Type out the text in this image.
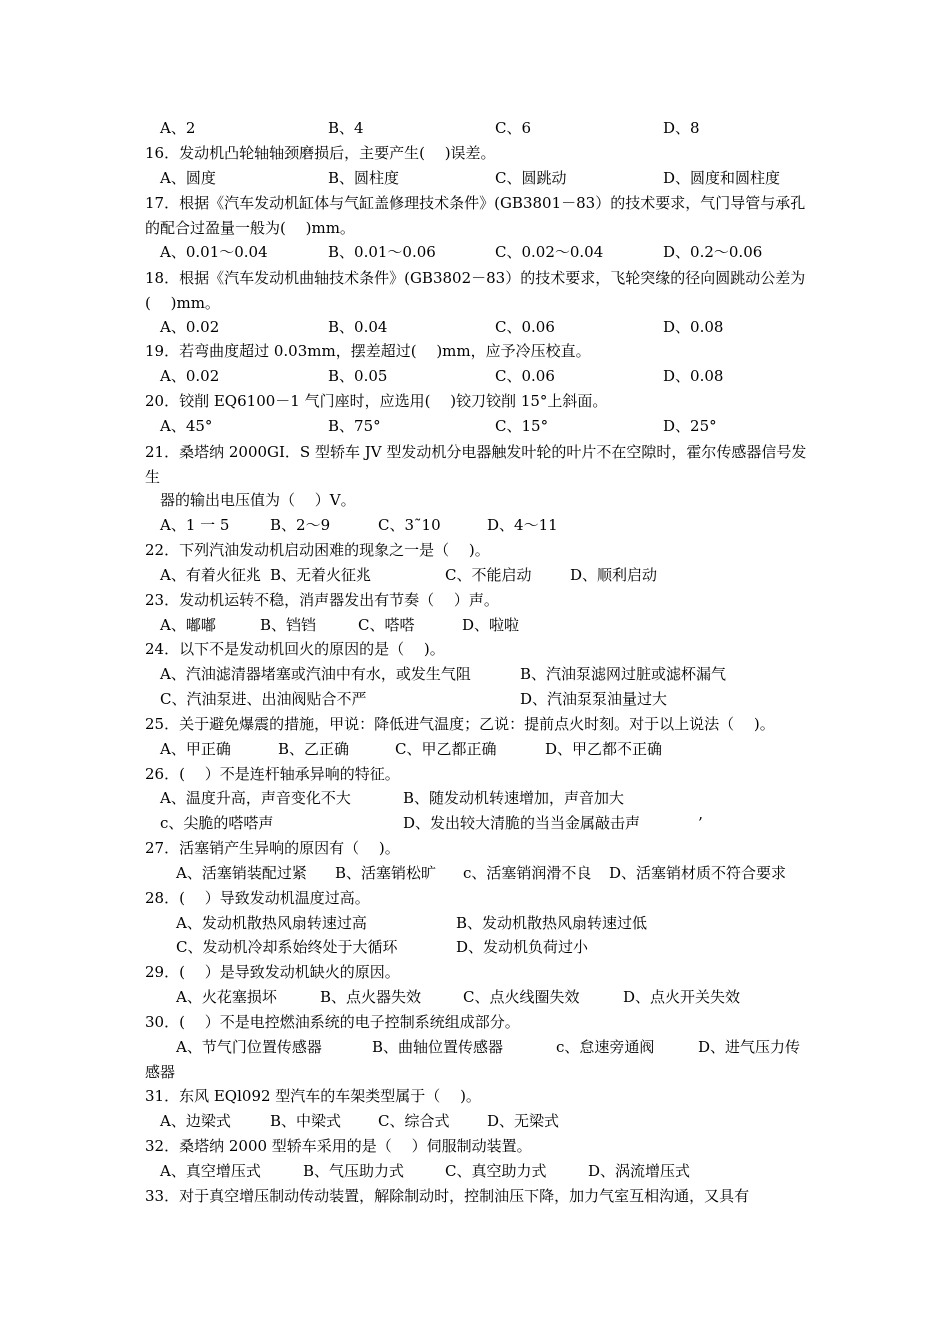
A、2	B、4	C、6	D、8
16．发动机凸轮轴轴颈磨损后，主要产生(　 )误差。
A、圆度	B、圆柱度	C、圆跳动	D、圆度和圆柱度
17．根据《汽车发动机缸体与气缸盖修理技术条件》(GB3801－83）的技术要求，气门导管与承孔的配合过盈量一般为(　 )mm。
A、0.01～0.04	B、0.01～0.06	C、0.02～0.04	D、0.2～0.06
18．根据《汽车发动机曲轴技术条件》(GB3802－83）的技术要求，飞轮突缘的径向圆跳动公差为(　 )mm。
A、0.02	B、0.04	C、0.06	D、0.08
19．若弯曲度超过 0.03mm，摆差超过(　 )mm，应予冷压校直。
A、0.02	B、0.05	C、0.06	D、0.08
20．铰削 EQ6100－1 气门座时，应选用(　 )铰刀铰削 15°上斜面。
A、45°	B、75°	C、15°	D、25°
21．桑塔纳 2000GI．S 型轿车 JV 型发动机分电器触发叶轮的叶片不在空隙时，霍尔传感器信号发生
器的输出电压值为（　 ）V。
A、1 一 5	B、2～9	C、3˜10	D、4～11
22．下列汽油发动机启动困难的现象之一是（　 )。
A、有着火征兆 B、无着火征兆	C、不能启动	D、顺利启动
23．发动机运转不稳，消声器发出有节奏（　 ）声。
A、嘟嘟	B、铛铛	C、嗒嗒	D、啦啦
24．以下不是发动机回火的原因的是（　 )。
A、汽油滤清器堵塞或汽油中有水，或发生气阻	B、汽油泵滤网过脏或滤杯漏气
C、汽油泵进、出油阀贴合不严	D、汽油泵泵油量过大
25．关于避免爆震的措施，甲说：降低进气温度；乙说：提前点火时刻。对于以上说法（　 )。
A、甲正确	B、乙正确	C、甲乙都正确	D、甲乙都不正确
26．(　 ）不是连杆轴承异响的特征。
A、温度升高，声音变化不大	B、随发动机转速增加，声音加大
c、尖脆的嗒嗒声	D、发出较大清脆的当当金属敲击声	’
27．活塞销产生异响的原因有（　 )。
A、活塞销装配过紧 B、活塞销松旷 c、活塞销润滑不良 D、活塞销材质不符合要求
28．(　 ）导致发动机温度过高。
A、发动机散热风扇转速过高	B、发动机散热风扇转速过低
C、发动机冷却系始终处于大循环	D、发动机负荷过小
29．(　 ）是导致发动机缺火的原因。
A、火花塞损坏	B、点火器失效	C、点火线圈失效	D、点火开关失效
30．(　 ）不是电控燃油系统的电子控制系统组成部分。
A、节气门位置传感器	B、曲轴位置传感器	c、怠速旁通阀	D、进气压力传
感器
31．东风 EQl092 型汽车的车架类型属于（　 )。
A、边梁式	B、中梁式 C、综合式	D、无梁式
32．桑塔纳 2000 型轿车采用的是（　 ）伺服制动装置。
A、真空增压式	B、气压助力式	C、真空助力式	D、涡流增压式
33．对于真空增压制动传动装置，解除制动时，控制油压下降，加力气室互相沟通，又具有
